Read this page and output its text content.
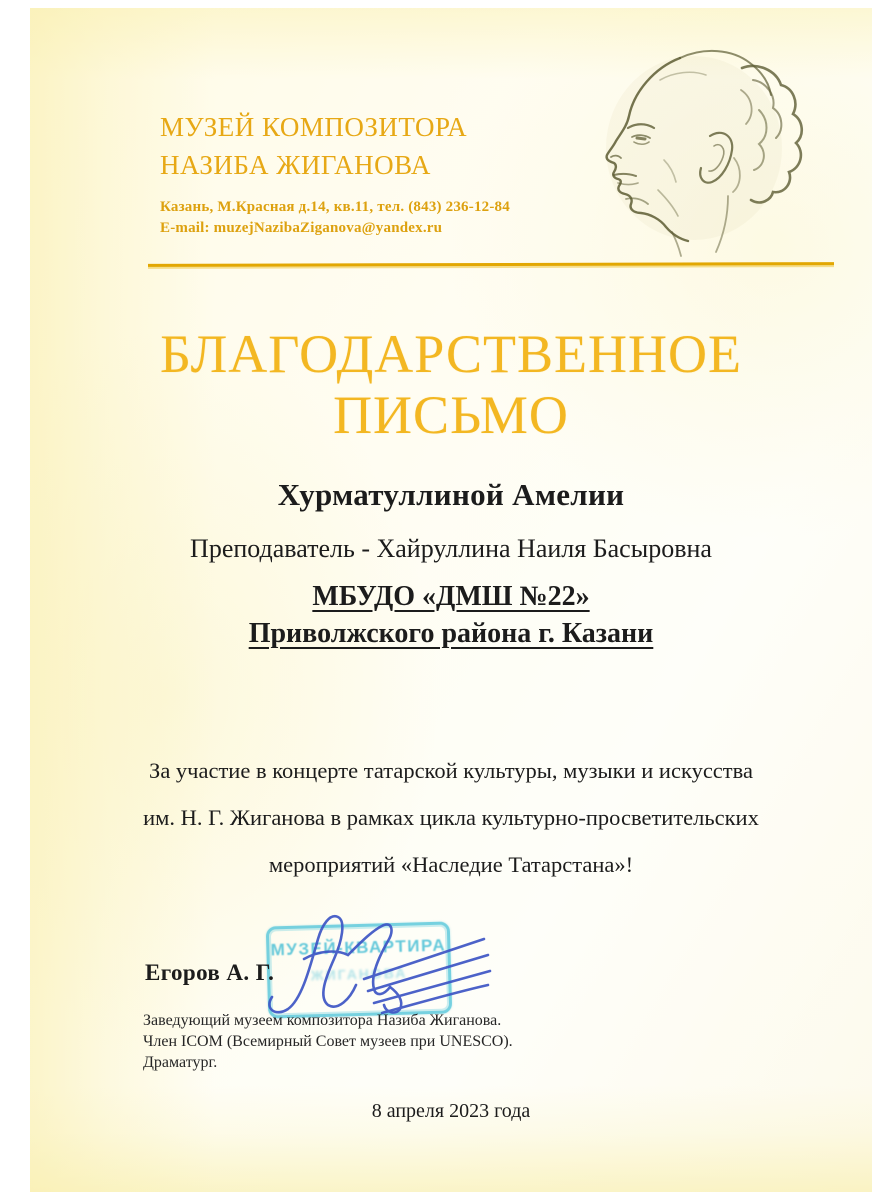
МУЗЕЙ КОМПОЗИТОРА
НАЗИБА ЖИГАНОВА
Казань, М.Красная д.14, кв.11, тел. (843) 236-12-84
E-mail: muzejNazibaZiganova@yandex.ru
БЛАГОДАРСТВЕННОЕ ПИСЬМО
Хурматуллиной Амелии
Преподаватель - Хайруллина Наиля Басыровна
МБУДО «ДМШ №22»
Приволжского района г. Казани
За участие в концерте татарской культуры, музыки и искусства
им. Н. Г. Жиганова в рамках цикла культурно-просветительских
мероприятий «Наследие Татарстана»!
МУЗЕЙ-КВАРТИРА
ЖИГАНОВА
Егоров А. Г.
Заведующий музеем композитора Назиба Жиганова.
Член ICOM (Всемирный Совет музеев при UNESCO).
Драматург.
8 апреля 2023 года
